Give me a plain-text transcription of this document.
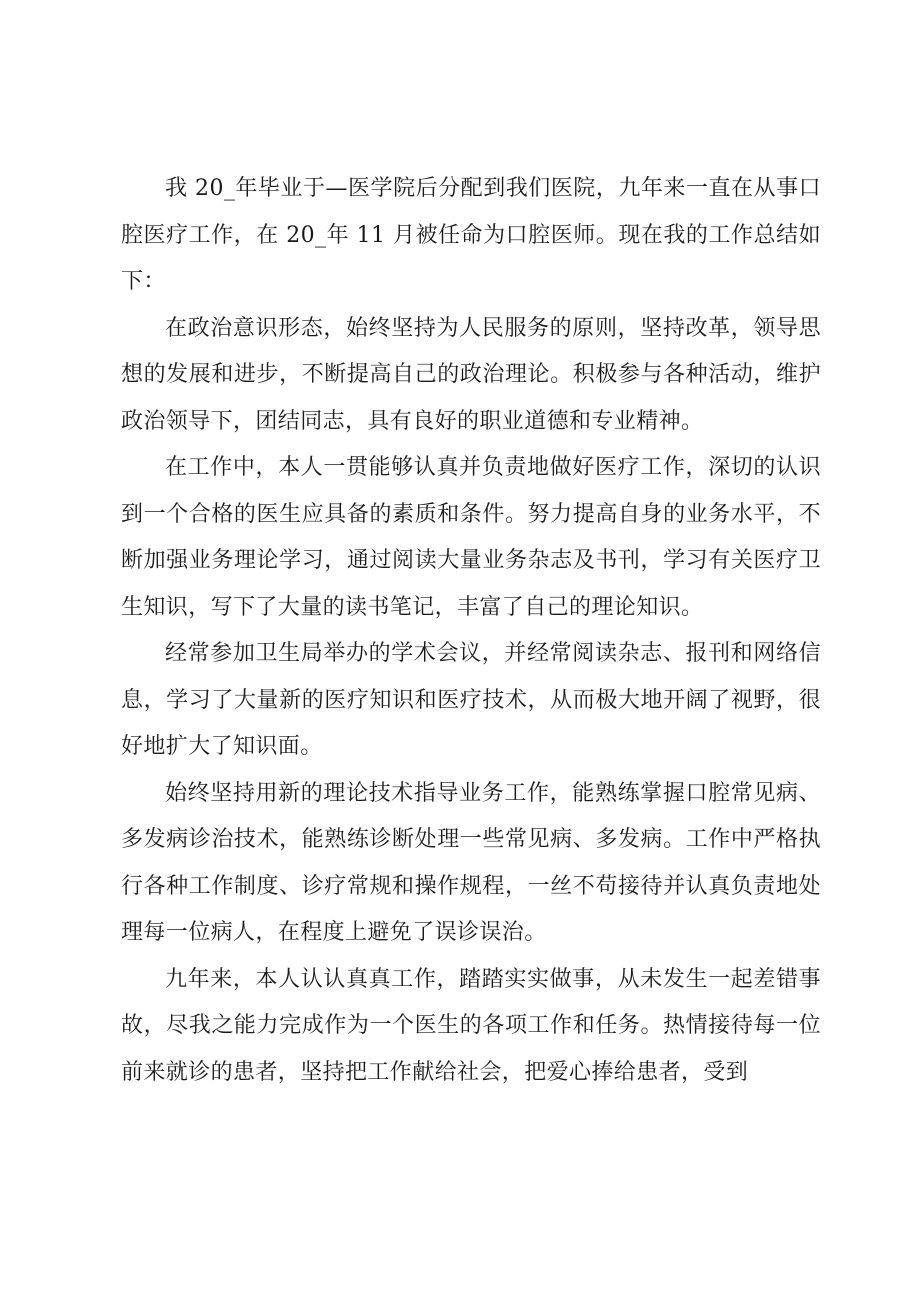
我 20_年毕业于—医学院后分配到我们医院，九年来一直在从事口腔医疗工作，在 20_年 11 月被任命为口腔医师。现在我的工作总结如下：

在政治意识形态，始终坚持为人民服务的原则，坚持改革，领导思想的发展和进步，不断提高自己的政治理论。积极参与各种活动，维护政治领导下，团结同志，具有良好的职业道德和专业精神。

在工作中，本人一贯能够认真并负责地做好医疗工作，深切的认识到一个合格的医生应具备的素质和条件。努力提高自身的业务水平，不断加强业务理论学习，通过阅读大量业务杂志及书刊，学习有关医疗卫生知识，写下了大量的读书笔记，丰富了自己的理论知识。

经常参加卫生局举办的学术会议，并经常阅读杂志、报刊和网络信息，学习了大量新的医疗知识和医疗技术，从而极大地开阔了视野，很好地扩大了知识面。

始终坚持用新的理论技术指导业务工作，能熟练掌握口腔常见病、多发病诊治技术，能熟练诊断处理一些常见病、多发病。工作中严格执行各种工作制度、诊疗常规和操作规程，一丝不苟接待并认真负责地处理每一位病人，在程度上避免了误诊误治。

九年来，本人认认真真工作，踏踏实实做事，从未发生一起差错事故，尽我之能力完成作为一个医生的各项工作和任务。热情接待每一位前来就诊的患者，坚持把工作献给社会，把爱心捧给患者，受到
